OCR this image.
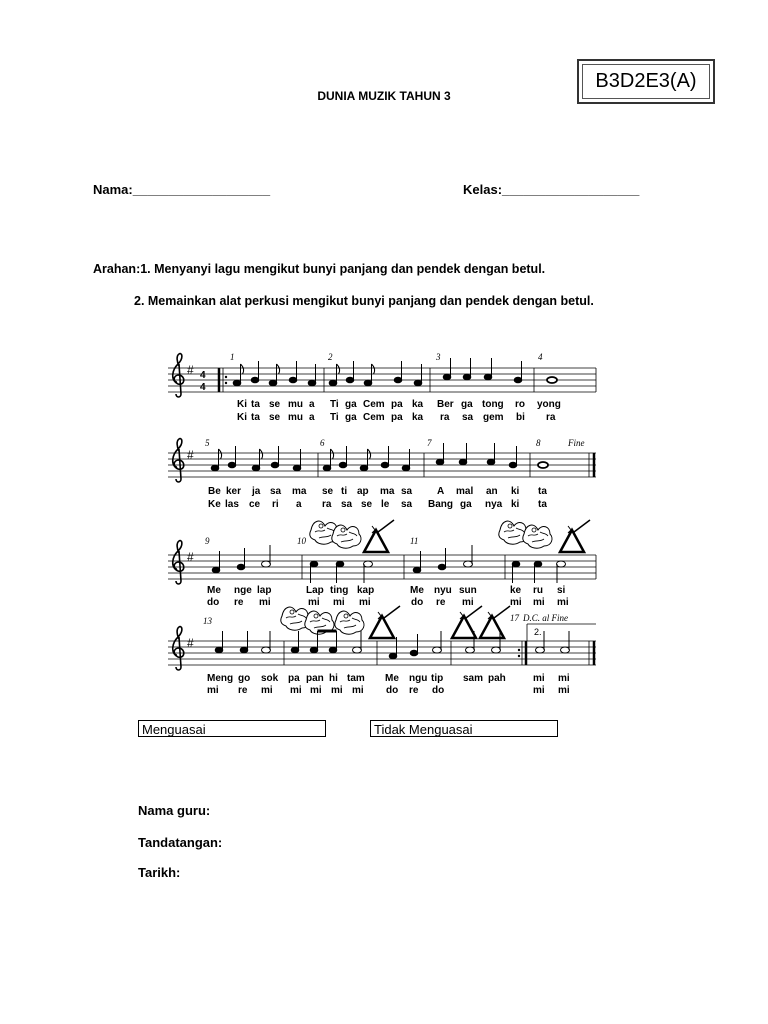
B3D2E3(A)
DUNIA MUZIK TAHUN 3
Nama:___________________	Kelas:___________________
Arahan:1. Menyanyi lagu mengikut bunyi panjang dan pendek dengan betul.
2. Memainkan alat perkusi mengikut bunyi panjang dan pendek dengan betul.
# 4
4
1	2	3	4
Ki ta se mu a Ti ga Cem pa ka Ber ga tong ro yong
Ki ta se mu a Ti ga Cem pa ka ra sa gem bi ra
#
5	6	7	8	Fine
Be ker ja sa ma se ti ap ma sa A mal an ki ta
Ke las ce ri a ra sa se le sa Bang ga nya ki ta
#
9	10	11
Me nge lap	Lap ting kap	Me nyu sun	ke ru si
do re mi	mi mi mi	do re mi	mi mi mi
#
13	17 D.C. al Fine
2.
Meng go sok pa pan hi tam Me ngu tip sam pah	mi mi
mi re mi mi mi mi mi do re do	mi mi
Menguasai	Tidak Menguasai
Nama guru:
Tandatangan:
Tarikh:
